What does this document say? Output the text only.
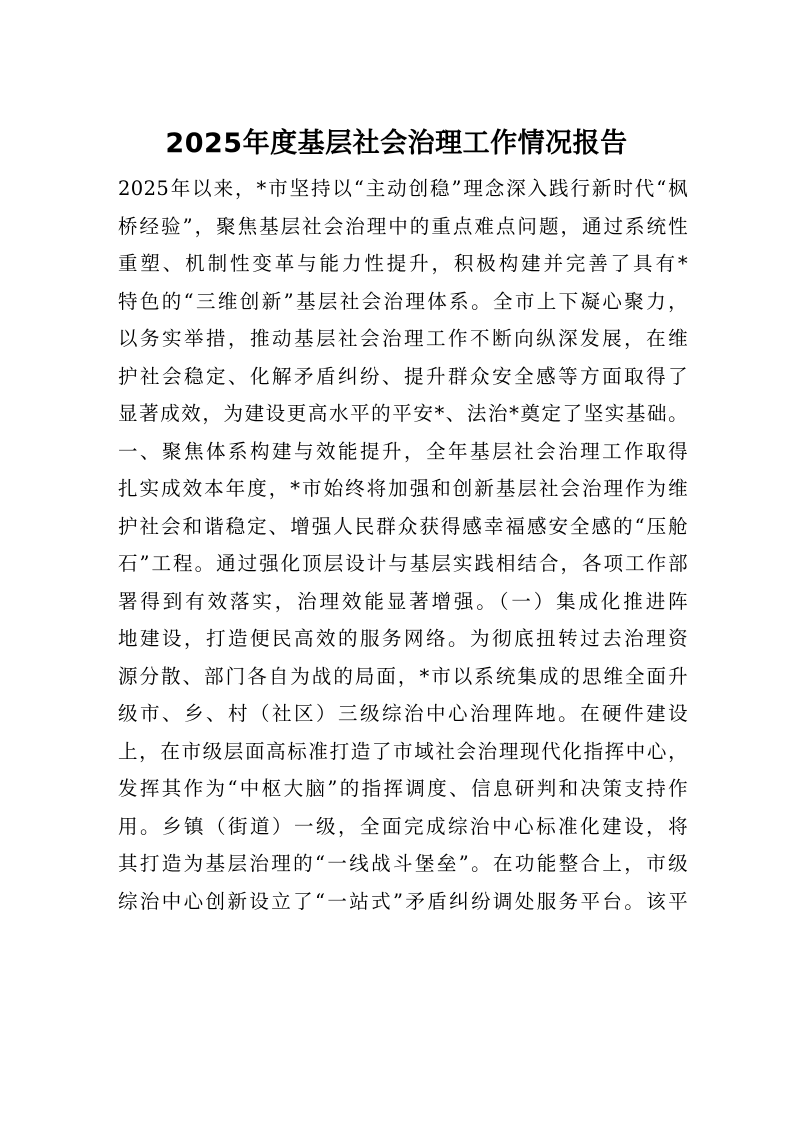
2025年度基层社会治理工作情况报告
2025年以来，*市坚持以“主动创稳”理念深入践行新时代“枫
桥经验”，聚焦基层社会治理中的重点难点问题，通过系统性
重塑、机制性变革与能力性提升，积极构建并完善了具有*
特色的“三维创新”基层社会治理体系。全市上下凝心聚力，
以务实举措，推动基层社会治理工作不断向纵深发展，在维
护社会稳定、化解矛盾纠纷、提升群众安全感等方面取得了
显著成效，为建设更高水平的平安*、法治*奠定了坚实基础。
一、聚焦体系构建与效能提升，全年基层社会治理工作取得
扎实成效本年度，*市始终将加强和创新基层社会治理作为维
护社会和谐稳定、增强人民群众获得感幸福感安全感的“压舱
石”工程。通过强化顶层设计与基层实践相结合，各项工作部
署得到有效落实，治理效能显著增强。（一）集成化推进阵
地建设，打造便民高效的服务网络。为彻底扭转过去治理资
源分散、部门各自为战的局面，*市以系统集成的思维全面升
级市、乡、村（社区）三级综治中心治理阵地。在硬件建设
上，在市级层面高标准打造了市域社会治理现代化指挥中心，
发挥其作为“中枢大脑”的指挥调度、信息研判和决策支持作
用。乡镇（街道）一级，全面完成综治中心标准化建设，将
其打造为基层治理的“一线战斗堡垒”。在功能整合上，市级
综治中心创新设立了“一站式”矛盾纠纷调处服务平台。该平
